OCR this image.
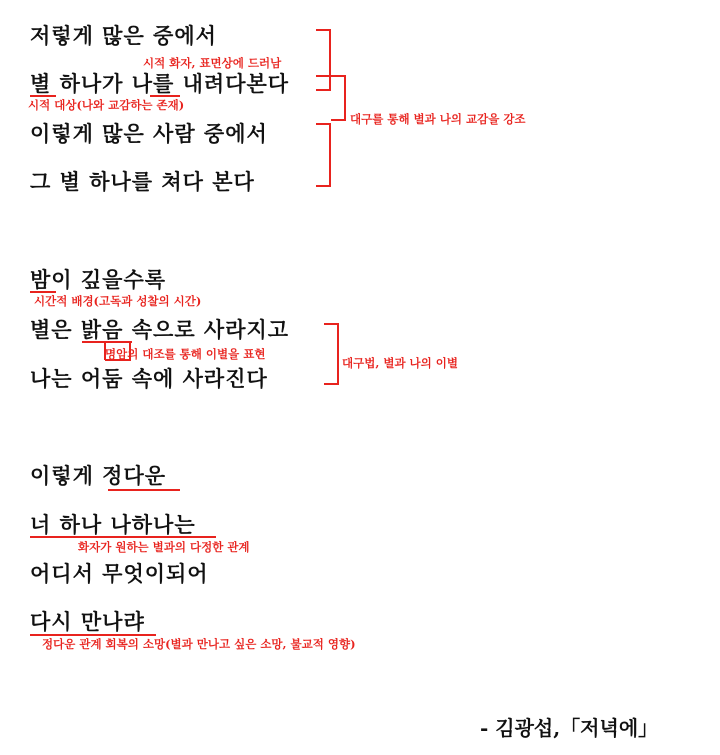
저렇게 많은 중에서
별 하나가 나를 내려다본다
이렇게 많은 사람 중에서
그 별 하나를 쳐다 본다
밤이 깊을수록
별은 밝음 속으로 사라지고
나는 어둠 속에 사라진다
이렇게 정다운
너 하나 나하나는
어디서 무엇이되어
다시 만나랴
시적 화자, 표면상에 드러남
시적 대상(나와 교감하는 존재)
대구를 통해 별과 나의 교감을 강조
시간적 배경(고독과 성찰의 시간)
명암의 대조를 통해 이별을 표현
대구법, 별과 나의 이별
화자가 원하는 별과의 다정한 관계
정다운 관계 회복의 소망(별과 만나고 싶은 소망, 불교적 영향)
- 김광섭,「저녁에」
